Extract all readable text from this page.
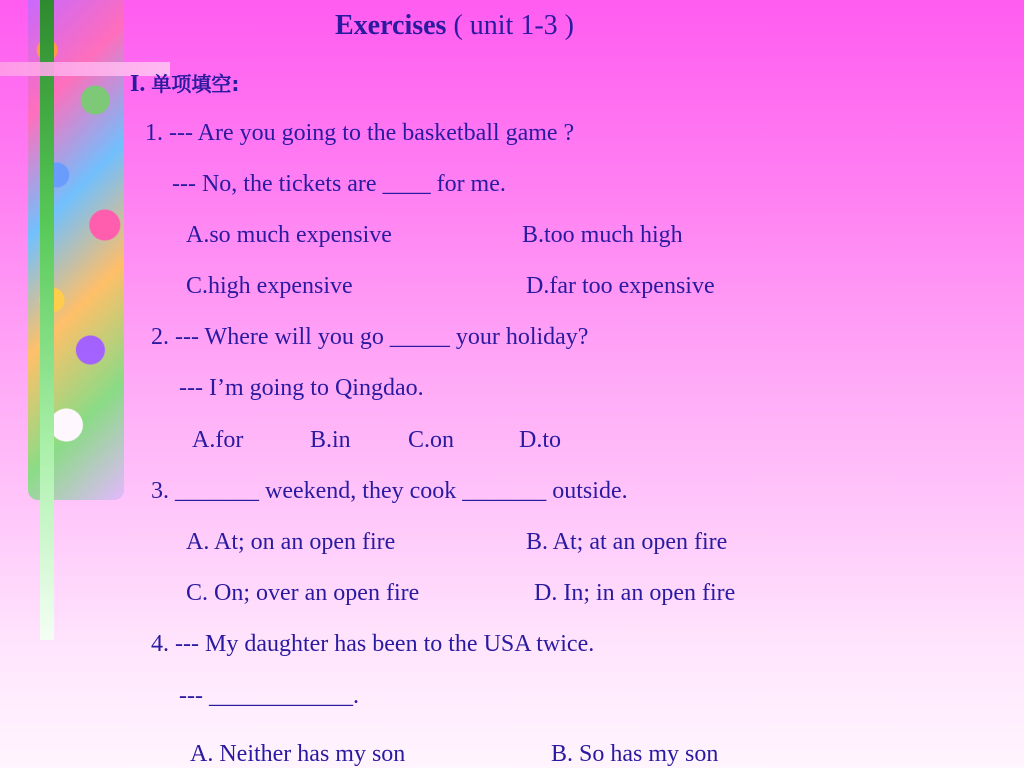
Exercises ( unit 1-3 )
I. 单项填空:
1. --- Are you going to the basketball game ?
--- No, the tickets are ____ for me.
A.so much expensive	B.too much high
C.high expensive	D.far too expensive
2. --- Where will you go _____ your holiday?
--- I’m going to Qingdao.
A.for	B.in C.on	D.to
3. _______ weekend, they cook _______ outside.
A. At; on an open fire	B. At; at an open fire
C. On; over an open fire	D. In; in an open fire
4. --- My daughter has been to the USA twice.
--- ____________.
A. Neither has my son	B. So has my son
